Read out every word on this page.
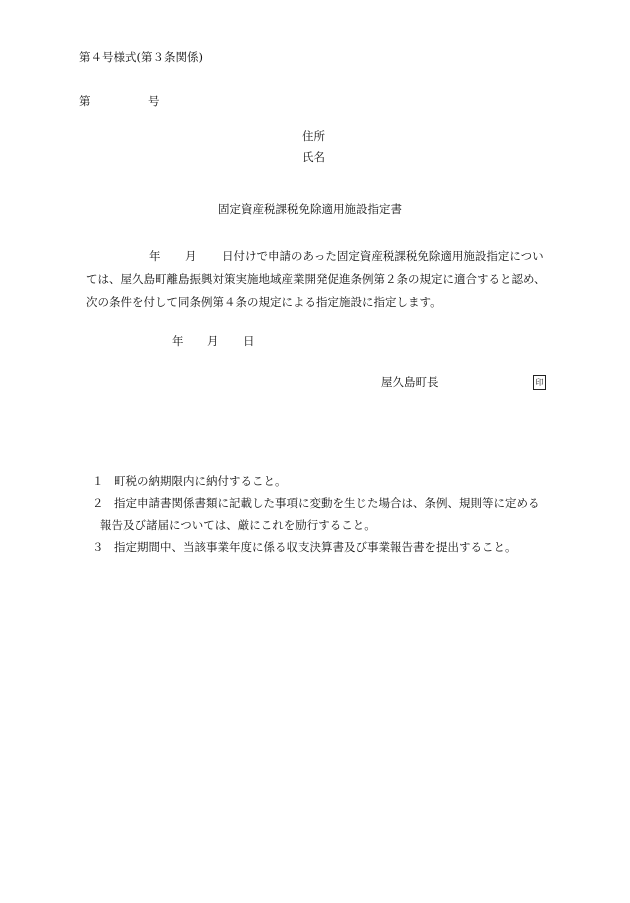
第４号様式(第３条関係)
第	号
住所
氏名
固定資産税課税免除適用施設指定書
年 月 日付けで申請のあった固定資産税課税免除適用施設指定につい
ては、屋久島町離島振興対策実施地域産業開発促進条例第２条の規定に適合すると認め、
次の条件を付して同条例第４条の規定による指定施設に指定します。
年 月 日
屋久島町長	印
１ 町税の納期限内に納付すること。
２ 指定申請書関係書類に記載した事項に変動を生じた場合は、条例、規則等に定める
報告及び諸届については、厳にこれを励行すること。
３ 指定期間中、当該事業年度に係る収支決算書及び事業報告書を提出すること。
